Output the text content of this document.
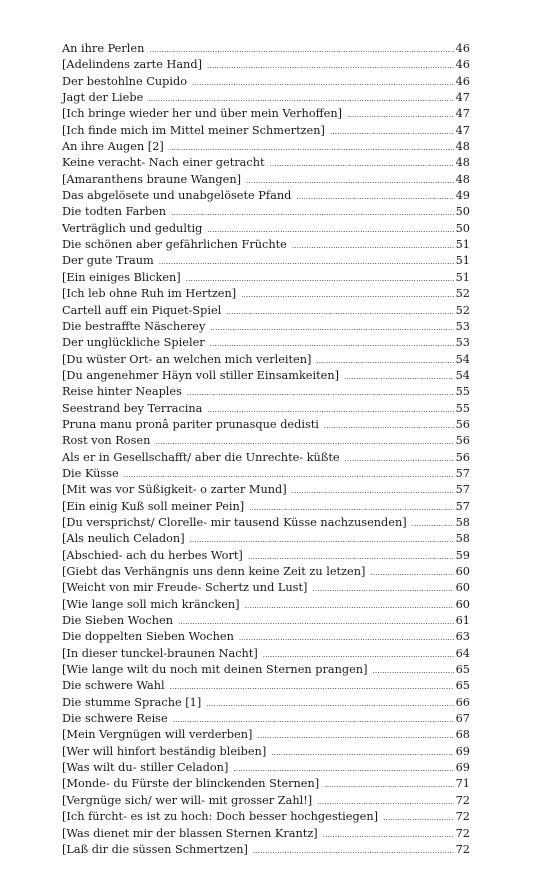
An ihre Perlen .....	46
[Adelindens zarte Hand] .....	46
Der bestohlne Cupido .....	46
Jagt der Liebe .....	47
[Ich bringe wieder her und über mein Verhoffen] .....	47
[Ich finde mich im Mittel meiner Schmertzen] .....	47
An ihre Augen [2] .....	48
Keine veracht- Nach einer getracht .....	48
[Amaranthens braune Wangen] .....	48
Das abgelösete und unabgelösete Pfand .....	49
Die todten Farben .....	50
Verträglich und gedultig .....	50
Die schönen aber gefährlichen Früchte .....	51
Der gute Traum .....	51
[Ein einiges Blicken] .....	51
[Ich leb ohne Ruh im Hertzen] .....	52
Cartell auff ein Piquet-Spiel .....	52
Die bestraffte Näscherey .....	53
Der unglückliche Spieler .....	53
[Du wüster Ort- an welchen mich verleiten] .....	54
[Du angenehmer Häyn voll stiller Einsamkeiten] .....	54
Reise hinter Neaples .....	55
Seestrand bey Terracina .....	55
Pruna manu pronâ pariter prunasque dedisti .....	56
Rost von Rosen .....	56
Als er in Gesellschafft/ aber die Unrechte- küßte .....	56
Die Küsse .....	57
[Mit was vor Süßigkeit- o zarter Mund] .....	57
[Ein einig Kuß soll meiner Pein] .....	57
[Du versprichst/ Clorelle- mir tausend Küsse nachzusenden] .....	58
[Als neulich Celadon] .....	58
[Abschied- ach du herbes Wort] .....	59
[Giebt das Verhängnis uns denn keine Zeit zu letzen] .....	60
[Weicht von mir Freude- Schertz und Lust] .....	60
[Wie lange soll mich kräncken] .....	60
Die Sieben Wochen .....	61
Die doppelten Sieben Wochen .....	63
[In dieser tunckel-braunen Nacht] .....	64
[Wie lange wilt du noch mit deinen Sternen prangen] .....	65
Die schwere Wahl .....	65
Die stumme Sprache [1] .....	66
Die schwere Reise .....	67
[Mein Vergnügen will verderben] .....	68
[Wer will hinfort beständig bleiben] .....	69
[Was wilt du- stiller Celadon] .....	69
[Monde- du Fürste der blinckenden Sternen] .....	71
[Vergnüge sich/ wer will- mit grosser Zahl!] .....	72
[Ich fürcht- es ist zu hoch: Doch besser hochgestiegen] .....	72
[Was dienet mir der blassen Sternen Krantz] .....	72
[Laß dir die süssen Schmertzen] .....	72
